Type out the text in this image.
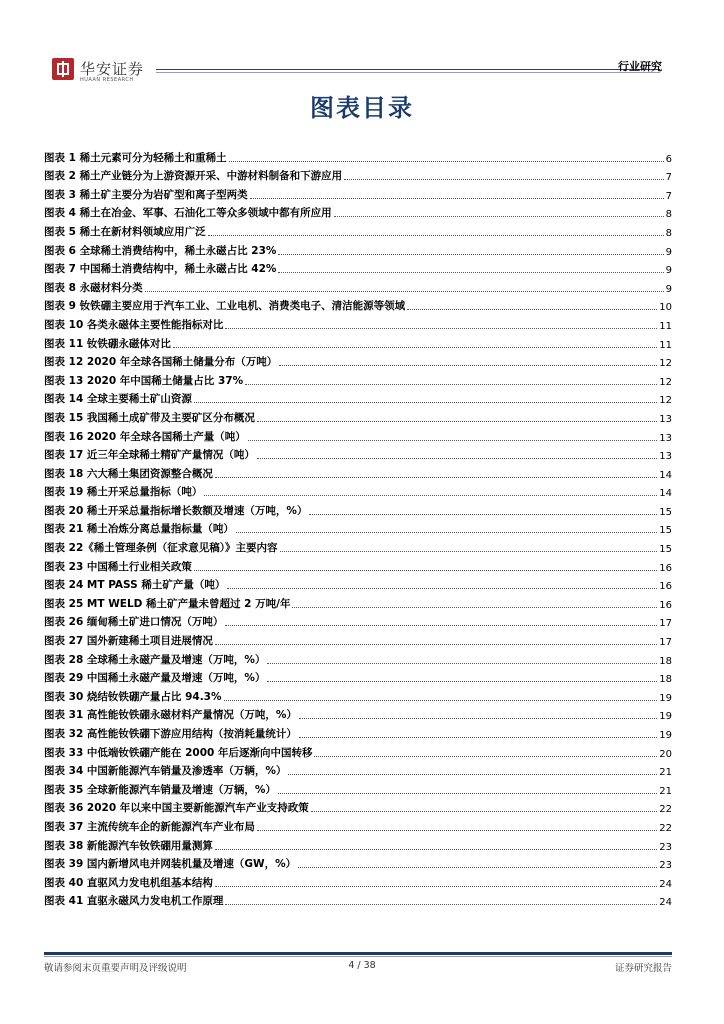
华安证券
HUAAN RESEARCH
行业研究
图表目录
图表 1 稀土元素可分为轻稀土和重稀土	6
图表 2 稀土产业链分为上游资源开采、中游材料制备和下游应用	7
图表 3 稀土矿主要分为岩矿型和离子型两类	7
图表 4 稀土在冶金、军事、石油化工等众多领域中都有所应用	8
图表 5 稀土在新材料领域应用广泛	8
图表 6 全球稀土消费结构中，稀土永磁占比 23%	9
图表 7 中国稀土消费结构中，稀土永磁占比 42%	9
图表 8 永磁材料分类	9
图表 9 钕铁硼主要应用于汽车工业、工业电机、消费类电子、清洁能源等领域	10
图表 10 各类永磁体主要性能指标对比	11
图表 11 钕铁硼永磁体对比	11
图表 12 2020 年全球各国稀土储量分布（万吨）	12
图表 13 2020 年中国稀土储量占比 37%	12
图表 14 全球主要稀土矿山资源	12
图表 15 我国稀土成矿带及主要矿区分布概况	13
图表 16 2020 年全球各国稀土产量（吨）	13
图表 17 近三年全球稀土精矿产量情况（吨）	13
图表 18 六大稀土集团资源整合概况	14
图表 19 稀土开采总量指标（吨）	14
图表 20 稀土开采总量指标增长数额及增速（万吨，%）	15
图表 21 稀土冶炼分离总量指标量（吨）	15
图表 22《稀土管理条例（征求意见稿）》主要内容	15
图表 23 中国稀土行业相关政策	16
图表 24 MT PASS 稀土矿产量（吨）	16
图表 25 MT WELD 稀土矿产量未曾超过 2 万吨/年	16
图表 26 缅甸稀土矿进口情况（万吨）	17
图表 27 国外新建稀土项目进展情况	17
图表 28 全球稀土永磁产量及增速（万吨，%）	18
图表 29 中国稀土永磁产量及增速（万吨，%）	18
图表 30 烧结钕铁硼产量占比 94.3%	19
图表 31 高性能钕铁硼永磁材料产量情况（万吨，%）	19
图表 32 高性能钕铁硼下游应用结构（按消耗量统计）	19
图表 33 中低端钕铁硼产能在 2000 年后逐渐向中国转移	20
图表 34 中国新能源汽车销量及渗透率（万辆，%）	21
图表 35 全球新能源汽车销量及增速（万辆，%）	21
图表 36 2020 年以来中国主要新能源汽车产业支持政策	22
图表 37 主流传统车企的新能源汽车产业布局	22
图表 38 新能源汽车钕铁硼用量测算	23
图表 39 国内新增风电并网装机量及增速（GW，%）	23
图表 40 直驱风力发电机组基本结构	24
图表 41 直驱永磁风力发电机工作原理	24
敬请参阅末页重要声明及评级说明	4 / 38	证券研究报告
